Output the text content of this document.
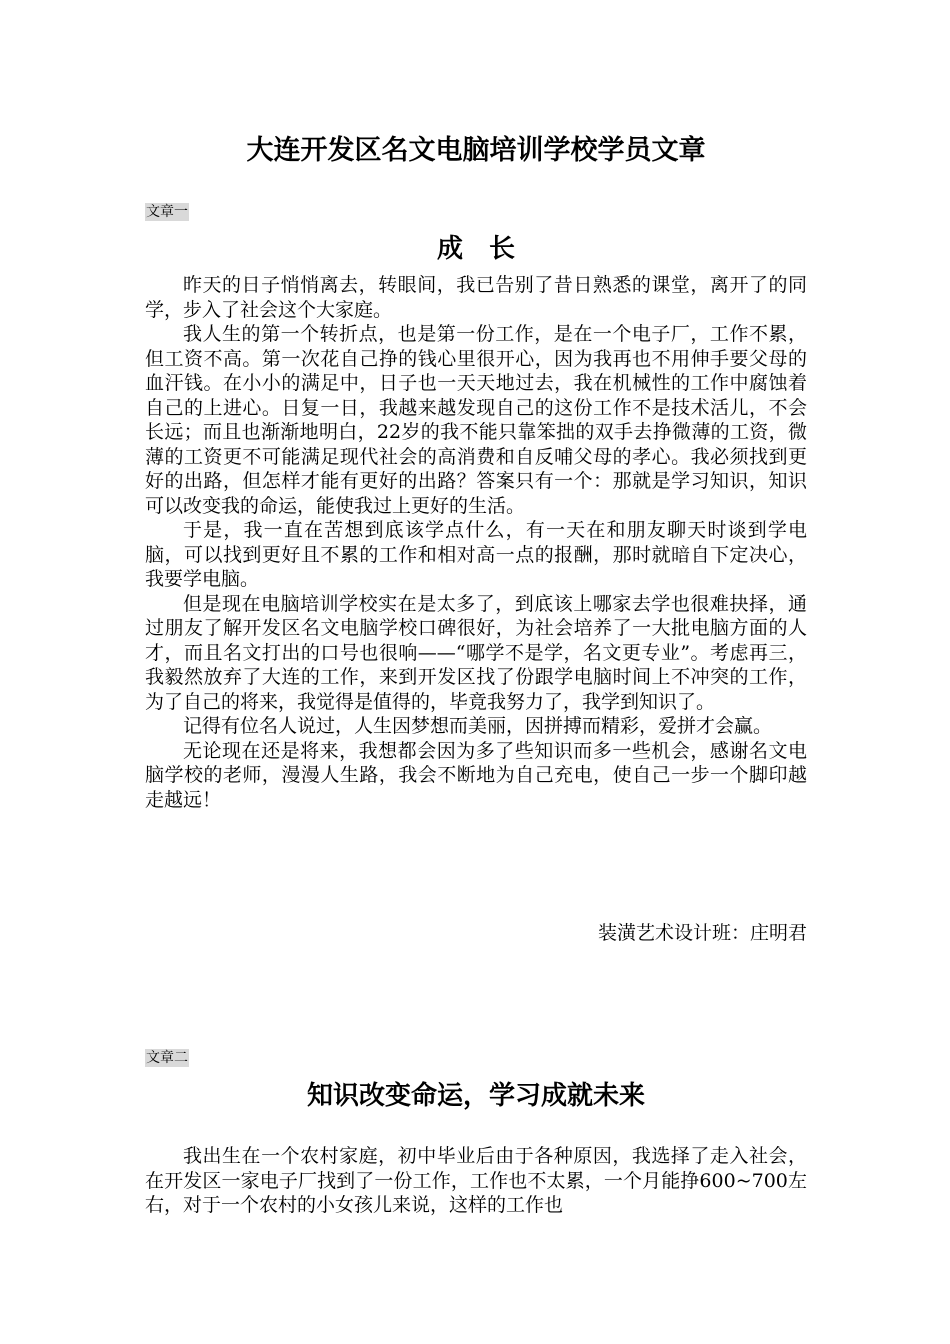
大连开发区名文电脑培训学校学员文章
文章一
成　长

昨天的日子悄悄离去，转眼间，我已告别了昔日熟悉的课堂，离开了的同学，步入了社会这个大家庭。

我人生的第一个转折点，也是第一份工作，是在一个电子厂，工作不累，但工资不高。第一次花自己挣的钱心里很开心，因为我再也不用伸手要父母的血汗钱。在小小的满足中，日子也一天天地过去，我在机械性的工作中腐蚀着自己的上进心。日复一日，我越来越发现自己的这份工作不是技术活儿，不会长远；而且也渐渐地明白，22岁的我不能只靠笨拙的双手去挣微薄的工资，微薄的工资更不可能满足现代社会的高消费和自反哺父母的孝心。我必须找到更好的出路，但怎样才能有更好的出路？答案只有一个：那就是学习知识，知识可以改变我的命运，能使我过上更好的生活。

于是，我一直在苦想到底该学点什么，有一天在和朋友聊天时谈到学电脑，可以找到更好且不累的工作和相对高一点的报酬，那时就暗自下定决心，我要学电脑。

但是现在电脑培训学校实在是太多了，到底该上哪家去学也很难抉择，通过朋友了解开发区名文电脑学校口碑很好，为社会培养了一大批电脑方面的人才，而且名文打出的口号也很响——“哪学不是学，名文更专业”。考虑再三，我毅然放弃了大连的工作，来到开发区找了份跟学电脑时间上不冲突的工作，为了自己的将来，我觉得是值得的，毕竟我努力了，我学到知识了。

记得有位名人说过，人生因梦想而美丽，因拼搏而精彩，爱拼才会赢。

无论现在还是将来，我想都会因为多了些知识而多一些机会，感谢名文电脑学校的老师，漫漫人生路，我会不断地为自己充电，使自己一步一个脚印越走越远！

装潢艺术设计班：庄明君
文章二
知识改变命运，学习成就未来

我出生在一个农村家庭，初中毕业后由于各种原因，我选择了走入社会，在开发区一家电子厂找到了一份工作，工作也不太累，一个月能挣600~700左右，对于一个农村的小女孩儿来说，这样的工作也
